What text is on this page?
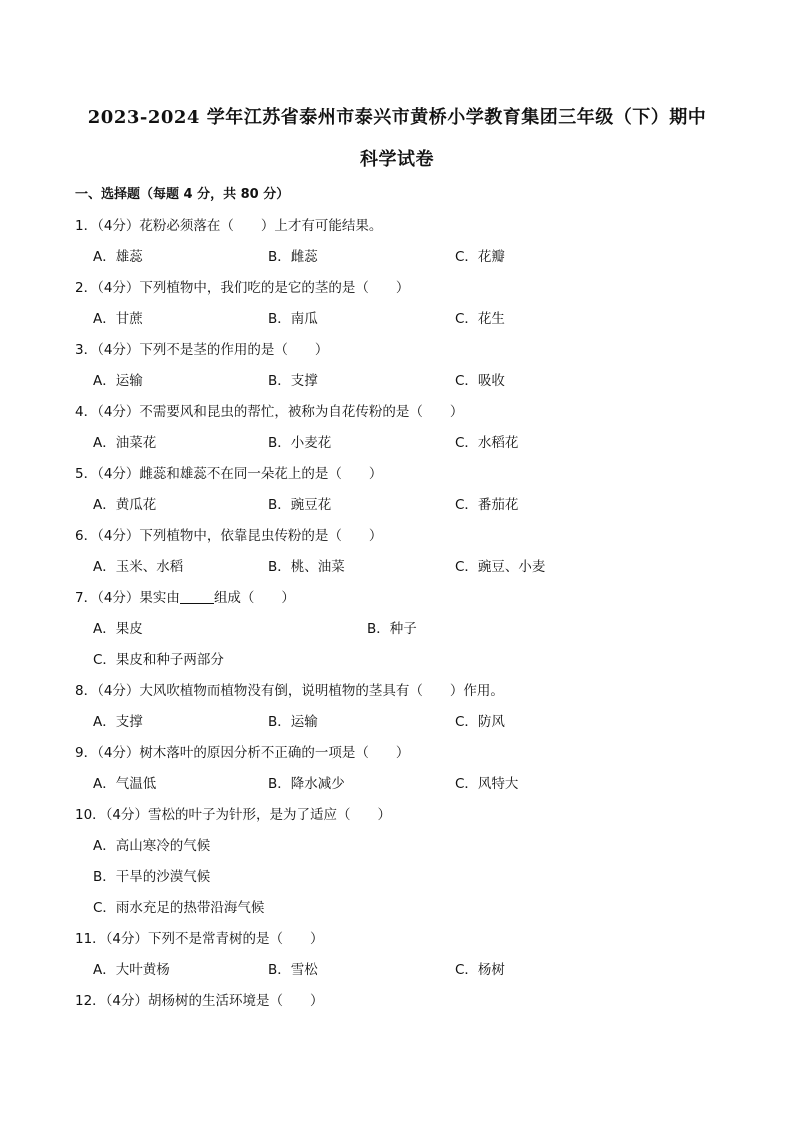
2023-2024 学年江苏省泰州市泰兴市黄桥小学教育集团三年级（下）期中
科学试卷
一、选择题（每题 4 分，共 80 分）
1．（4分）花粉必须落在（　　）上才有可能结果。
A．雄蕊	B．雌蕊	C．花瓣
2．（4分）下列植物中，我们吃的是它的茎的是（　　）
A．甘蔗	B．南瓜	C．花生
3．（4分）下列不是茎的作用的是（　　）
A．运输	B．支撑	C．吸收
4．（4分）不需要风和昆虫的帮忙，被称为自花传粉的是（　　）
A．油菜花	B．小麦花	C．水稻花
5．（4分）雌蕊和雄蕊不在同一朵花上的是（　　）
A．黄瓜花	B．豌豆花	C．番茄花
6．（4分）下列植物中，依靠昆虫传粉的是（　　）
A．玉米、水稻	B．桃、油菜	C．豌豆、小麦
7．（4分）果实由	组成（　　）
A．果皮	B．种子
C．果皮和种子两部分
8．（4分）大风吹植物而植物没有倒，说明植物的茎具有（　　）作用。
A．支撑	B．运输	C．防风
9．（4分）树木落叶的原因分析不正确的一项是（　　）
A．气温低	B．降水减少	C．风特大
10．（4分）雪松的叶子为针形，是为了适应（　　）
A．高山寒冷的气候
B．干旱的沙漠气候
C．雨水充足的热带沿海气候
11．（4分）下列不是常青树的是（　　）
A．大叶黄杨	B．雪松	C．杨树
12．（4分）胡杨树的生活环境是（　　）
